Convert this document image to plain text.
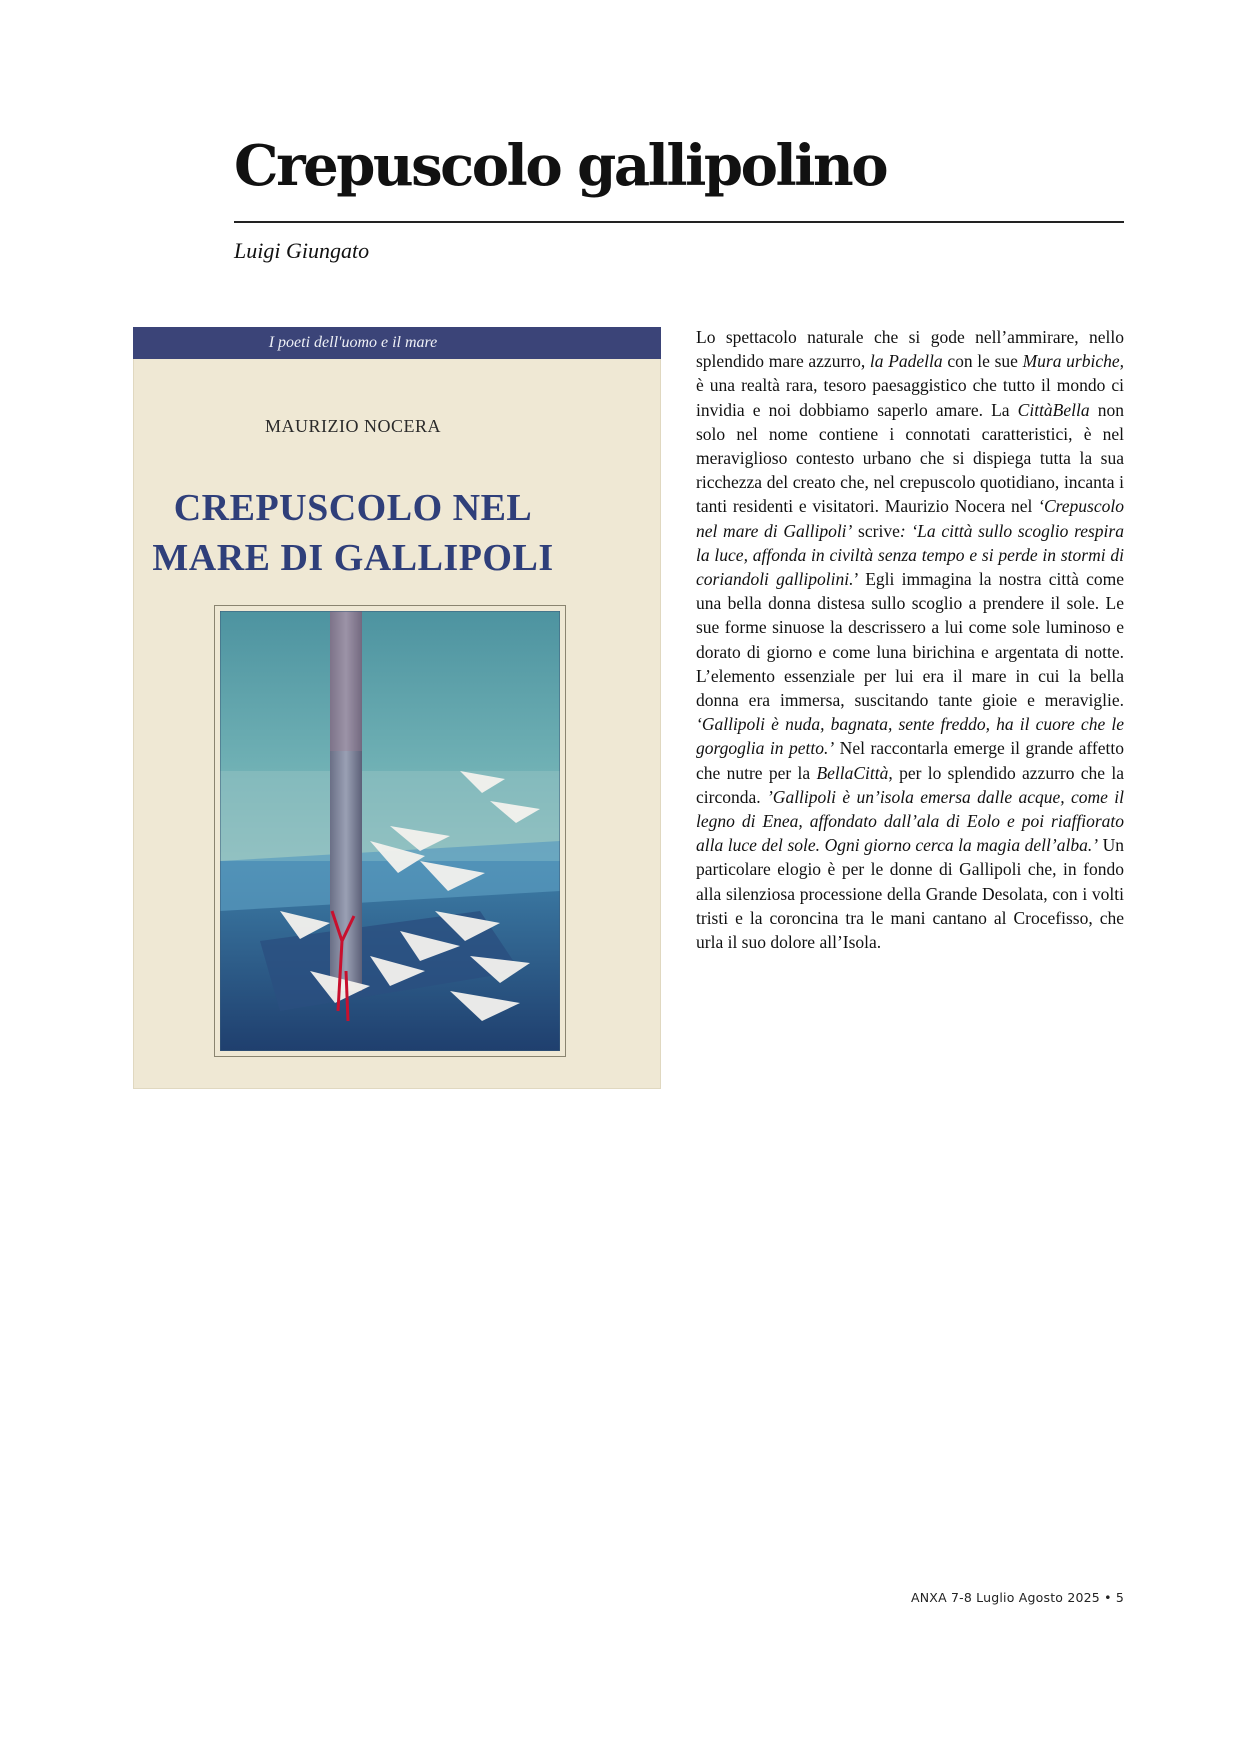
Crepuscolo gallipolino
Luigi Giungato
I poeti dell'uomo e il mare
MAURIZIO NOCERA
CREPUSCOLO NEL
MARE DI GALLIPOLI
Lo spettacolo naturale che si gode nell’ammirare, nello splendido mare azzurro, la Padella con le sue Mura urbiche, è una realtà rara, tesoro paesaggistico che tutto il mondo ci invidia e noi dobbiamo saperlo amare. La CittàBella non solo nel nome contiene i connotati caratteristici, è nel meraviglioso contesto urbano che si dispiega tutta la sua ricchezza del creato che, nel crepuscolo quotidiano, incanta i tanti residenti e visitatori. Maurizio Nocera nel ‘Crepuscolo nel mare di Gallipoli’ scrive: ‘La città sullo scoglio respira la luce, affonda in civiltà senza tempo e si perde in stormi di coriandoli gallipolini.’ Egli immagina la nostra città come una bella donna distesa sullo scoglio a prendere il sole. Le sue forme sinuose la descrissero a lui come sole luminoso e dorato di giorno e come luna birichina e argentata di notte. L’elemento essenziale per lui era il mare in cui la bella donna era immersa, suscitando tante gioie e meraviglie. ‘Gallipoli è nuda, bagnata, sente freddo, ha il cuore che le gorgoglia in petto.’ Nel raccontarla emerge il grande affetto che nutre per la BellaCittà, per lo splendido azzurro che la circonda. ’Gallipoli è un’isola emersa dalle acque, come il legno di Enea, affondato dall’ala di Eolo e poi riaffiorato alla luce del sole. Ogni giorno cerca la magia dell’alba.’ Un particolare elogio è per le donne di Gallipoli che, in fondo alla silenziosa processione della Grande Desolata, con i volti tristi e la coroncina tra le mani cantano al Crocefisso, che urla il suo dolore all’Isola.
ANXA 7-8 Luglio Agosto 2025 • 5
